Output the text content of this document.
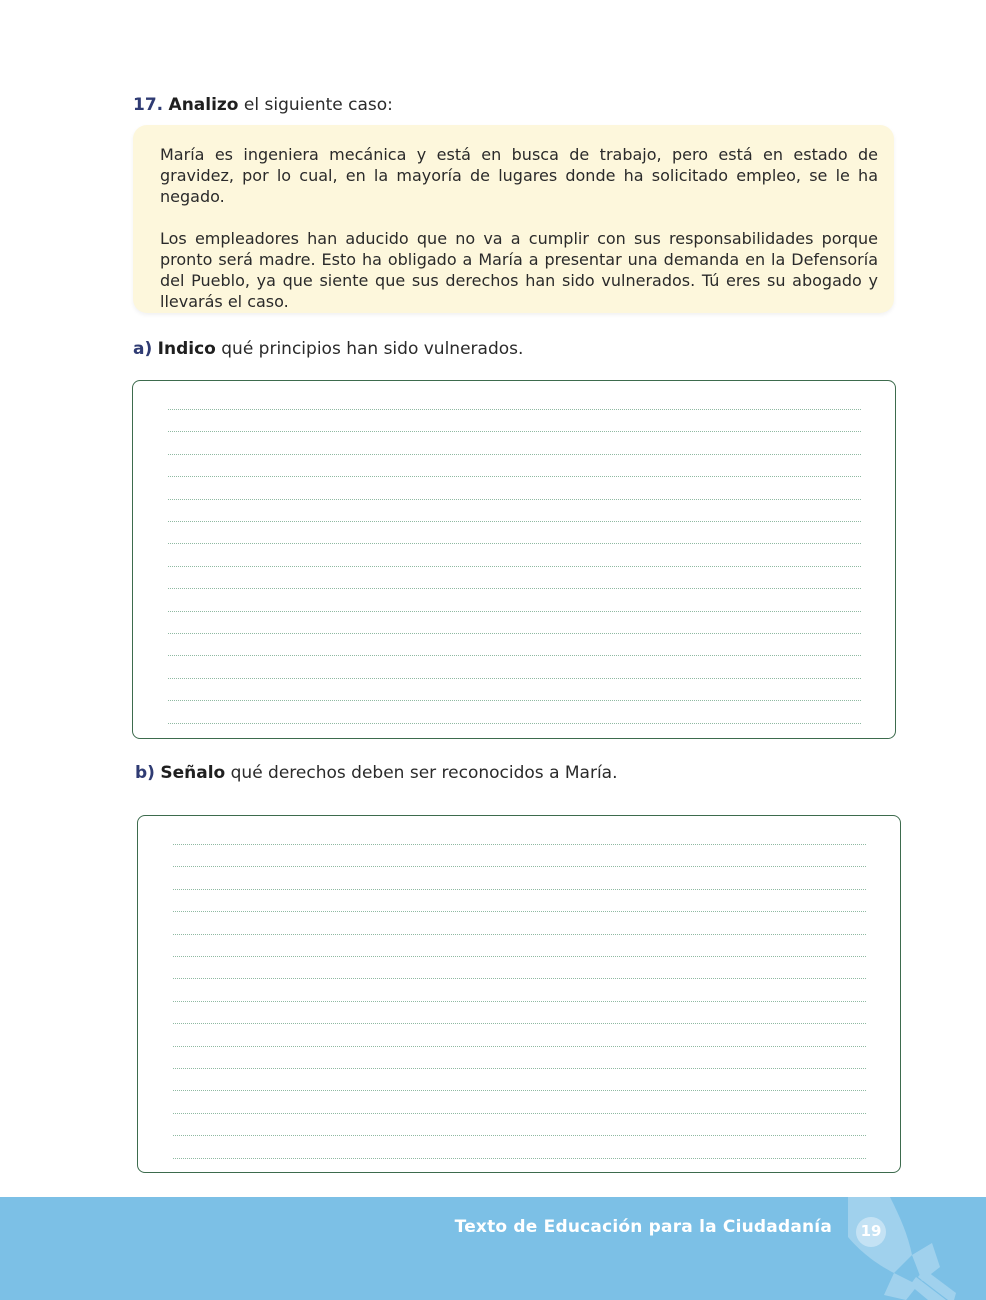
17. Analizo el siguiente caso:

María es ingeniera mecánica y está en busca de trabajo, pero está en estado de gravidez, por lo cual, en la mayoría de lugares donde ha solicitado empleo, se le ha negado.

Los empleadores han aducido que no va a cumplir con sus responsabilidades porque pronto será madre. Esto ha obligado a María a presentar una demanda en la Defensoría del Pueblo, ya que siente que sus derechos han sido vulnerados. Tú eres su abogado y llevarás el caso.

a) Indico qué principios han sido vulnerados.
b) Señalo qué derechos deben ser reconocidos a María.
Texto de Educación para la Ciudadanía	19
